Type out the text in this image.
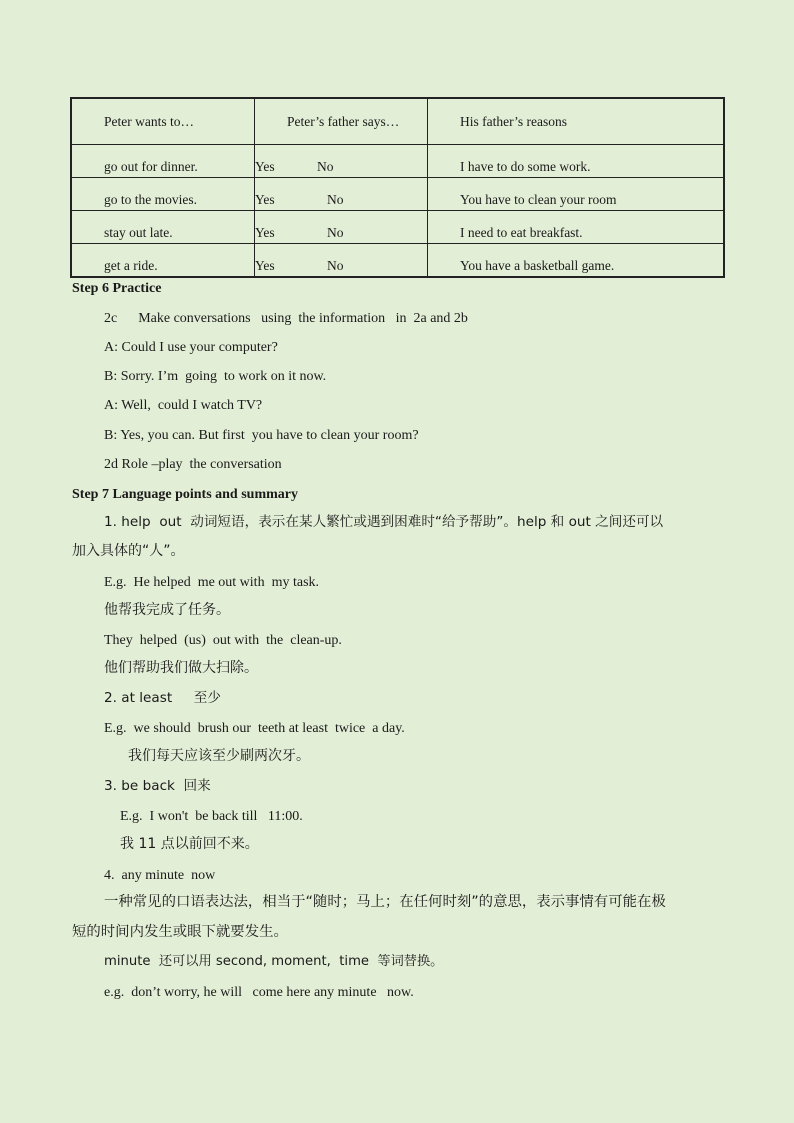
Peter wants to…	Peter’s father says…	His father’s reasons
go out for dinner.	Yes No	I have to do some work.
go to the movies.	Yes No	You have to clean your room
stay out late.	Yes No	I need to eat breakfast.
get a ride.	Yes No	You have a basketball game.
Step 6 Practice
2c      Make conversations   using  the information   in  2a and 2b
A: Could I use your computer?
B: Sorry. I’m  going  to work on it now.
A: Well,  could I watch TV?
B: Yes, you can. But first  you have to clean your room?
2d Role –play  the conversation
Step 7 Language points and summary
1. help  out  动词短语，表示在某人繁忙或遇到困难时“给予帮助”。help 和 out 之间还可以
加入具体的“人”。
E.g.  He helped  me out with  my task.
他帮我完成了任务。
They  helped  (us)  out with  the  clean-up.
他们帮助我们做大扫除。
2. at least     至少
E.g.  we should  brush our  teeth at least  twice  a day.
我们每天应该至少刷两次牙。
3. be back  回来
E.g.  I won't  be back till   11:00.
我 11 点以前回不来。
4.  any minute  now
一种常见的口语表达法，相当于“随时；马上；在任何时刻”的意思，表示事情有可能在极
短的时间内发生或眼下就要发生。
minute  还可以用 second, moment,  time  等词替换。
e.g.  don’t worry, he will   come here any minute   now.
